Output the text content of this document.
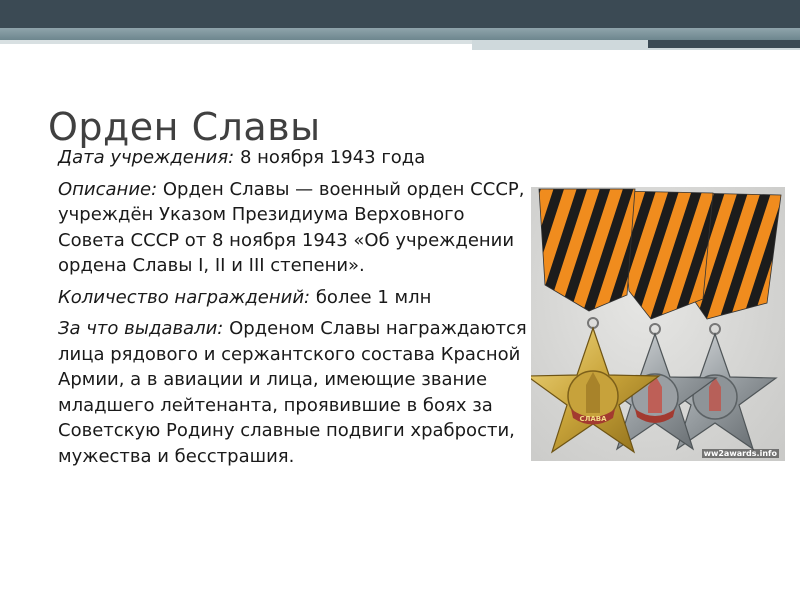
Орден Славы

Дата учреждения: 8 ноября 1943 года

Описание: Орден Славы — военный орден СССР, учреждён Указом Президиума Верховного Совета СССР от 8 ноября 1943 «Об учреждении ордена Славы I, II и III степени».

Количество награждений: более 1 млн

За что выдавали: Орденом Славы награждаются лица рядового и сержантского состава Красной Армии, а в авиации и лица, имеющие звание младшего лейтенанта, проявившие в боях за Советскую Родину славные подвиги храбрости, мужества и бесстрашия.

СЛАВА
ww2awards.info
